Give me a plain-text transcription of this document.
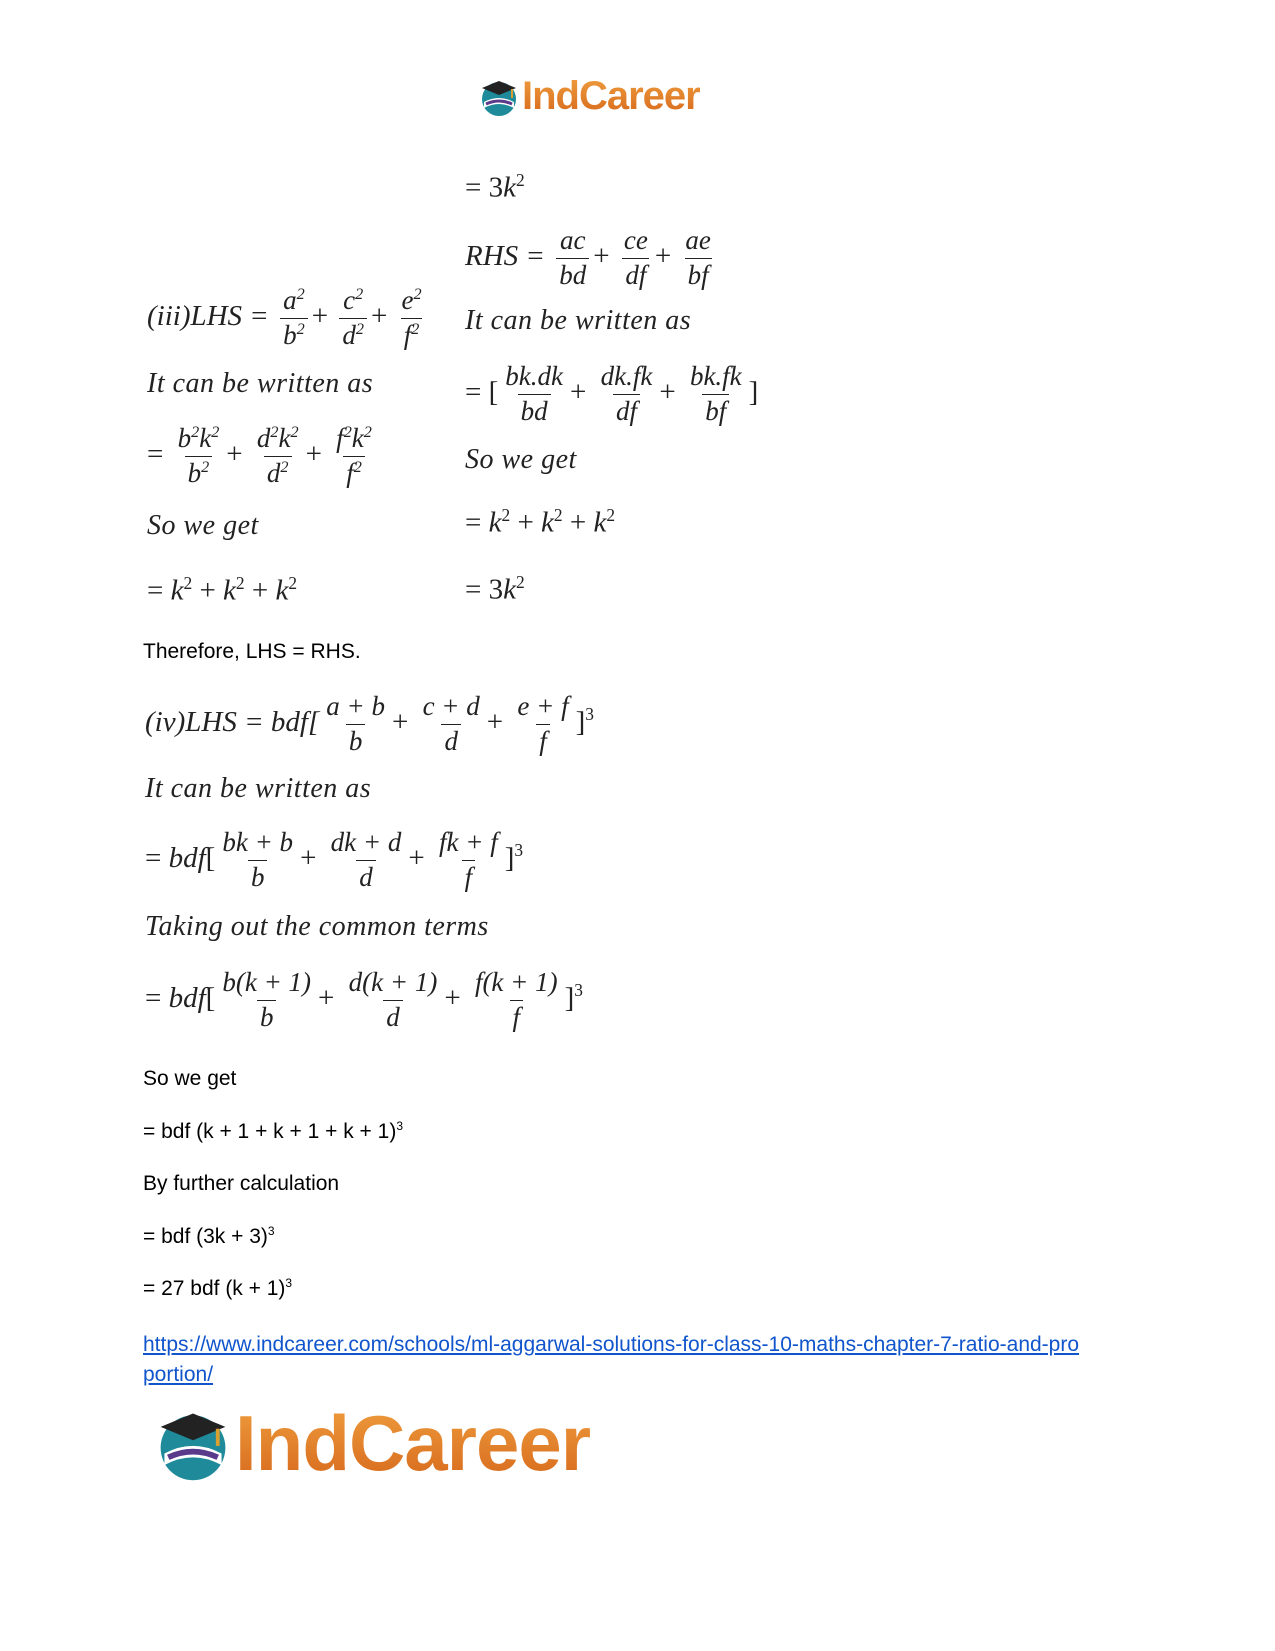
IndCareer
= $3k^2$
RHS = $\frac{ac}{bd} + \frac{ce}{df} + \frac{ae}{bf}$
It can be written as
= [ $\frac{bk.dk}{bd} + \frac{dk.fk}{df} + \frac{bk.fk}{bf}$ ]
So we get
= $k^2 + k^2 + k^2$
= $3k^2$
$(iii)LHS = \frac{a^2}{b^2} + \frac{c^2}{d^2} + \frac{e^2}{f^2}$
It can be written as
= $\frac{b^2k^2}{b^2} + \frac{d^2k^2}{d^2} + \frac{f^2k^2}{f^2}$
So we get
= $k^2 + k^2 + k^2$
Therefore, LHS = RHS.
$(iv)LHS = bdf[ \frac{a + b}{b} + \frac{c + d}{d} + \frac{e + f}{f} ]^3$
It can be written as
= $bdf[ \frac{bk + b}{b} + \frac{dk + d}{d} + \frac{fk + f}{f} ]^3$
Taking out the common terms
= $bdf[ \frac{b(k + 1)}{b} + \frac{d(k + 1)}{d} + \frac{f(k + 1)}{f} ]^3$
So we get
= bdf $(k + 1 + k + 1 + k + 1)^3$
By further calculation
= bdf $(3k + 3)^3$
= 27 bdf $(k + 1)^3$
https://www.indcareer.com/schools/ml-aggarwal-solutions-for-class-10-maths-chapter-7-ratio-and-proportion/
IndCareer
